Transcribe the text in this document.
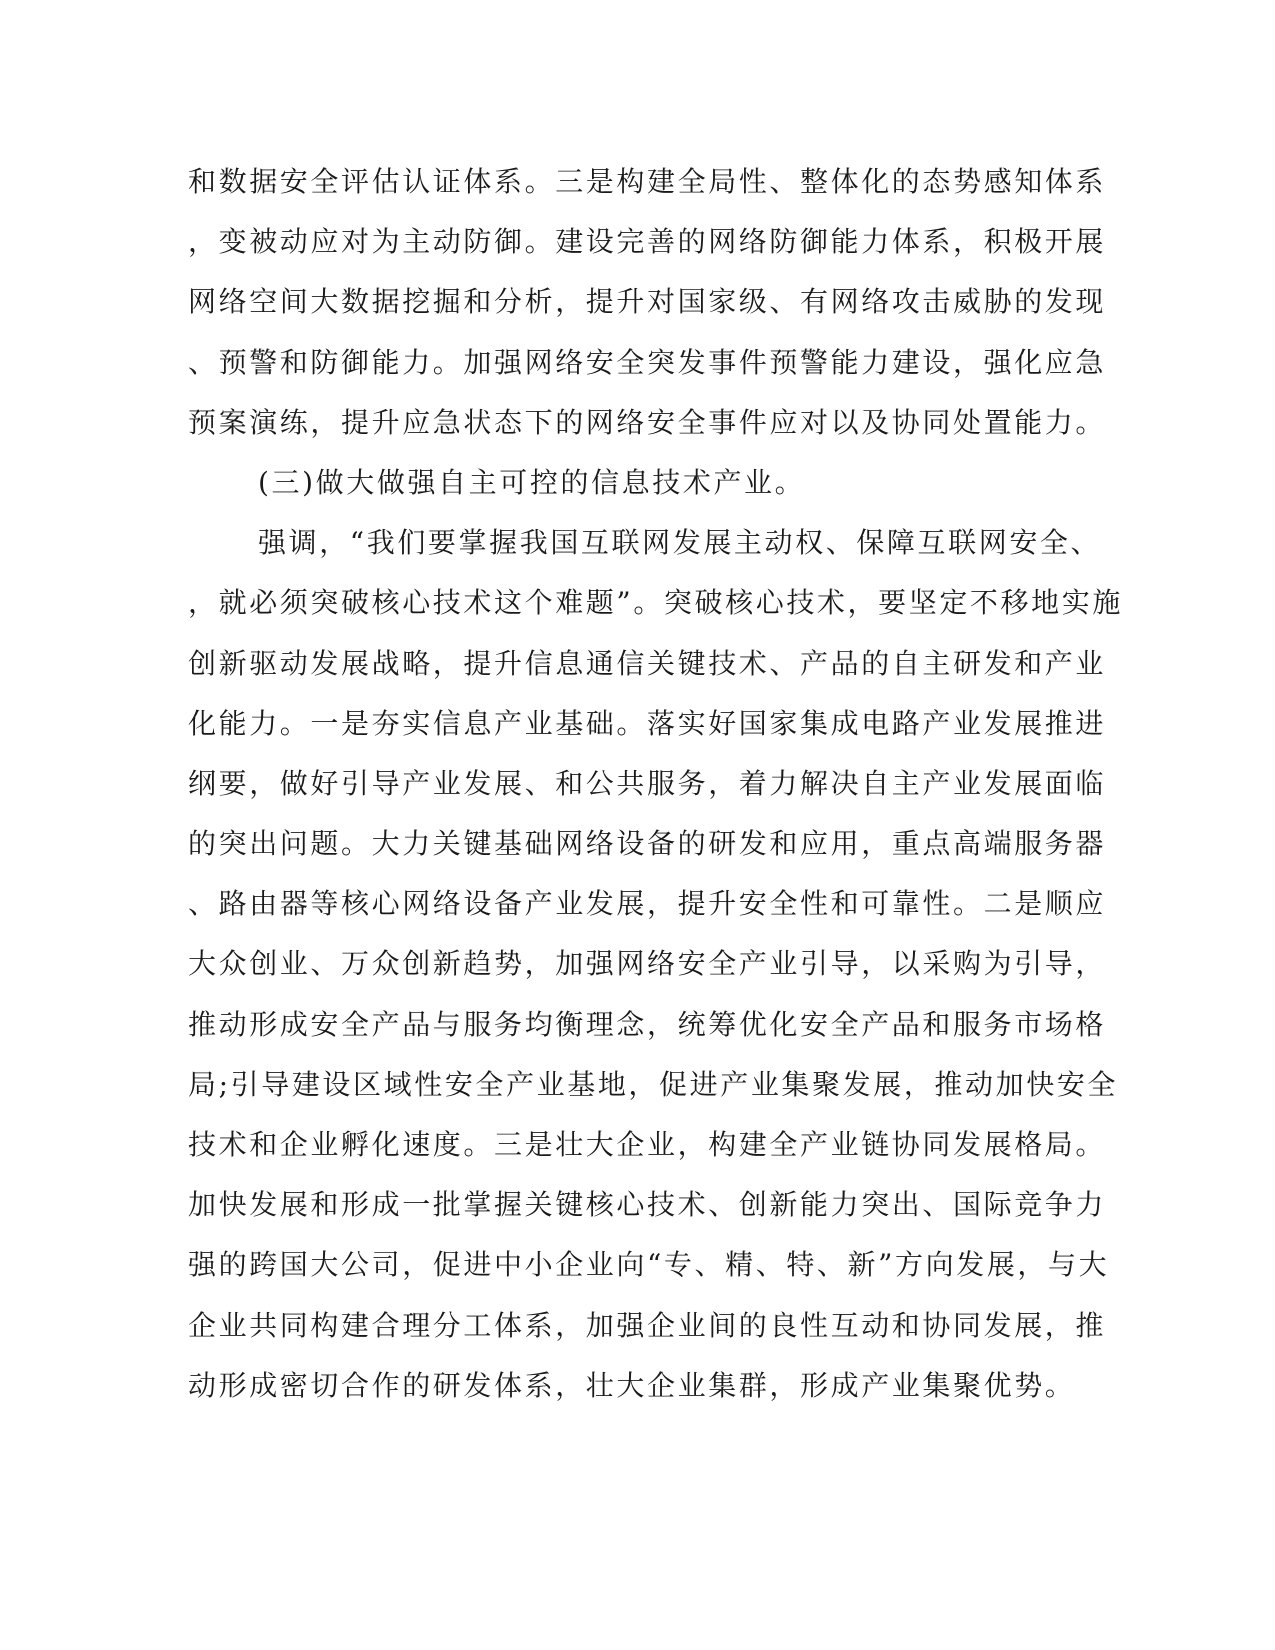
和数据安全评估认证体系。三是构建全局性、整体化的态势感知体系
，变被动应对为主动防御。建设完善的网络防御能力体系，积极开展
网络空间大数据挖掘和分析，提升对国家级、有网络攻击威胁的发现
、预警和防御能力。加强网络安全突发事件预警能力建设，强化应急
预案演练，提升应急状态下的网络安全事件应对以及协同处置能力。
(三)做大做强自主可控的信息技术产业。
强调，“我们要掌握我国互联网发展主动权、保障互联网安全、
，就必须突破核心技术这个难题”。突破核心技术，要坚定不移地实施
创新驱动发展战略，提升信息通信关键技术、产品的自主研发和产业
化能力。一是夯实信息产业基础。落实好国家集成电路产业发展推进
纲要，做好引导产业发展、和公共服务，着力解决自主产业发展面临
的突出问题。大力关键基础网络设备的研发和应用，重点高端服务器
、路由器等核心网络设备产业发展，提升安全性和可靠性。二是顺应
大众创业、万众创新趋势，加强网络安全产业引导，以采购为引导，
推动形成安全产品与服务均衡理念，统筹优化安全产品和服务市场格
局;引导建设区域性安全产业基地，促进产业集聚发展，推动加快安全
技术和企业孵化速度。三是壮大企业，构建全产业链协同发展格局。
加快发展和形成一批掌握关键核心技术、创新能力突出、国际竞争力
强的跨国大公司，促进中小企业向“专、精、特、新”方向发展，与大
企业共同构建合理分工体系，加强企业间的良性互动和协同发展，推
动形成密切合作的研发体系，壮大企业集群，形成产业集聚优势。
